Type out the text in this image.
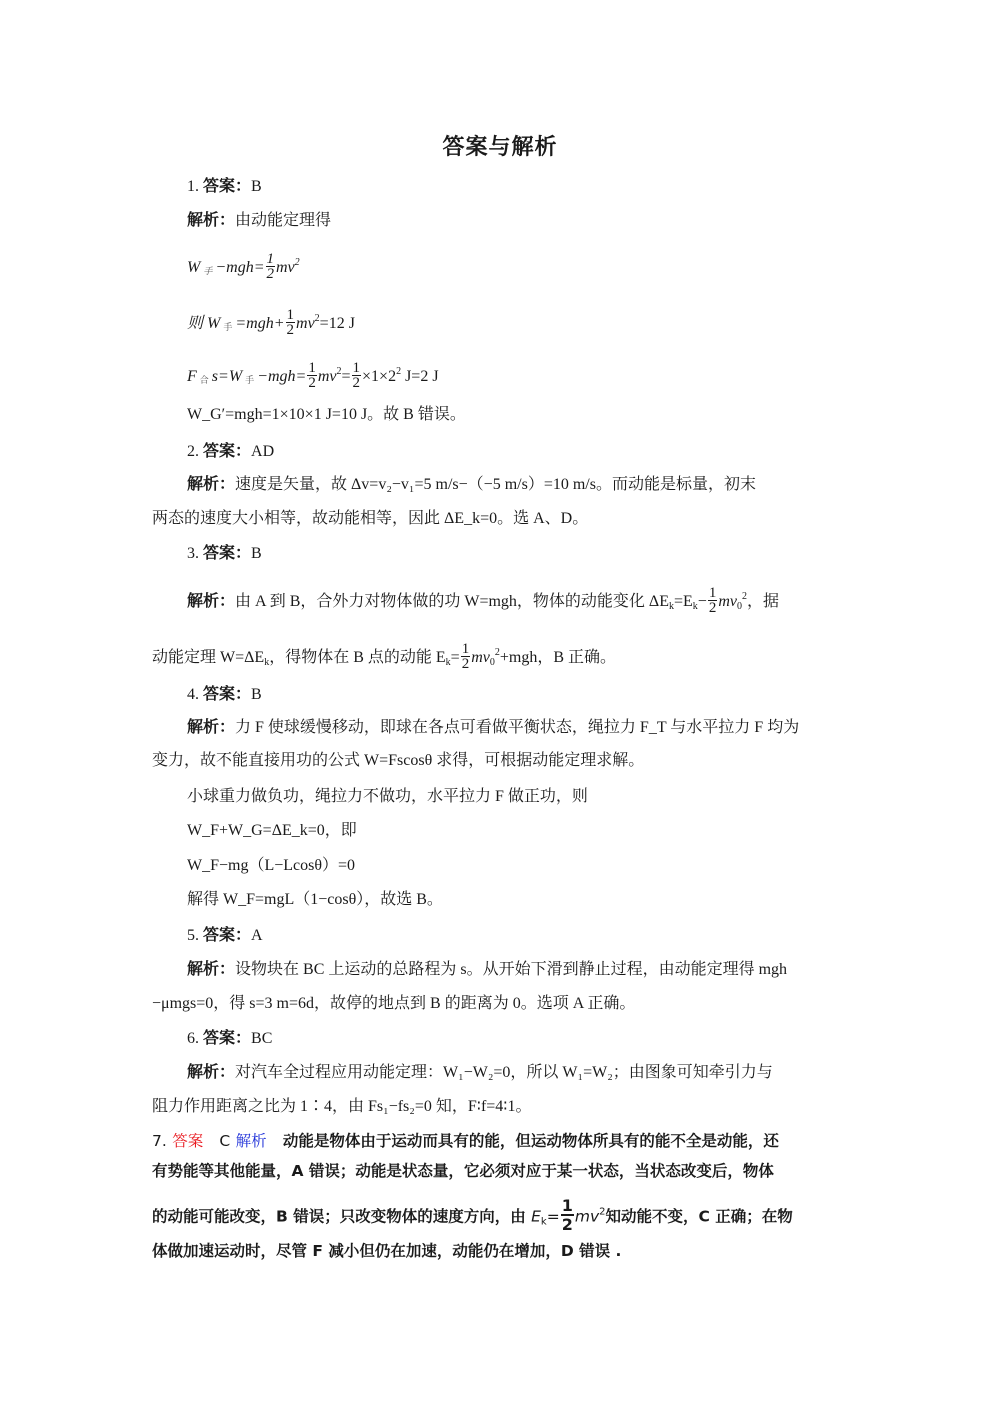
答案与解析
1. 答案：B
解析：由动能定理得
W手 $-mgh= \frac{1}{2} mv^2$
则 W 手 $=mgh+ \frac{1}{2} mv^2=12$ J
F合 s=W 手 $-mgh= \frac{1}{2} mv^2= \frac{1}{2} \times 1\times 2^2$ J=2 J
W_G′=mgh=1×10×1 J=10 J。故 B 错误。
2. 答案：AD
解析：速度是矢量，故 Δv=v₂−v₁=5 m/s−（−5 m/s）=10 m/s。而动能是标量，初末
两态的速度大小相等，故动能相等，因此 ΔE_k=0。选 A、D。
3. 答案：B
解析：由 A 到 B，合外力对物体做的功 W=mgh，物体的动能变化 $\Delta E_k=E_k- \frac{1}{2} mv_0^2$，据
动能定理 $W=\Delta E_k$，得物体在 B 点的动能 $E_k= \frac{1}{2} mv_0^2+mgh$，B 正确。
4. 答案：B
解析：力 F 使球缓慢移动，即球在各点可看做平衡状态，绳拉力 F_T 与水平拉力 F 均为
变力，故不能直接用功的公式 W=Fscosθ 求得，可根据动能定理求解。
小球重力做负功，绳拉力不做功，水平拉力 F 做正功，则
W_F+W_G=ΔE_k=0，即
W_F−mg（L−Lcosθ）=0
解得 W_F=mgL（1−cosθ），故选 B。
5. 答案：A
解析：设物块在 BC 上运动的总路程为 s。从开始下滑到静止过程，由动能定理得 mgh
−μmgs=0，得 s=3 m=6d，故停的地点到 B 的距离为 0。选项 A 正确。
6. 答案：BC
解析：对汽车全过程应用动能定理：W₁−W₂=0，所以 W₁=W₂；由图象可知牵引力与
阻力作用距离之比为 1∶4，由 Fs₁−fs₂=0 知，F∶f=4∶1。
7. 答案 C 解析 动能是物体由于运动而具有的能，但运动物体所具有的能不全是动能，还
有势能等其他能量，A 错误；动能是状态量，它必须对应于某一状态，当状态改变后，物体
的动能可能改变，B 错误；只改变物体的速度方向，由 $E_k= \frac{1}{2} mv^2$知动能不变，C 正确；在物
体做加速运动时，尽管 F 减小但仍在加速，动能仍在增加，D 错误 .
